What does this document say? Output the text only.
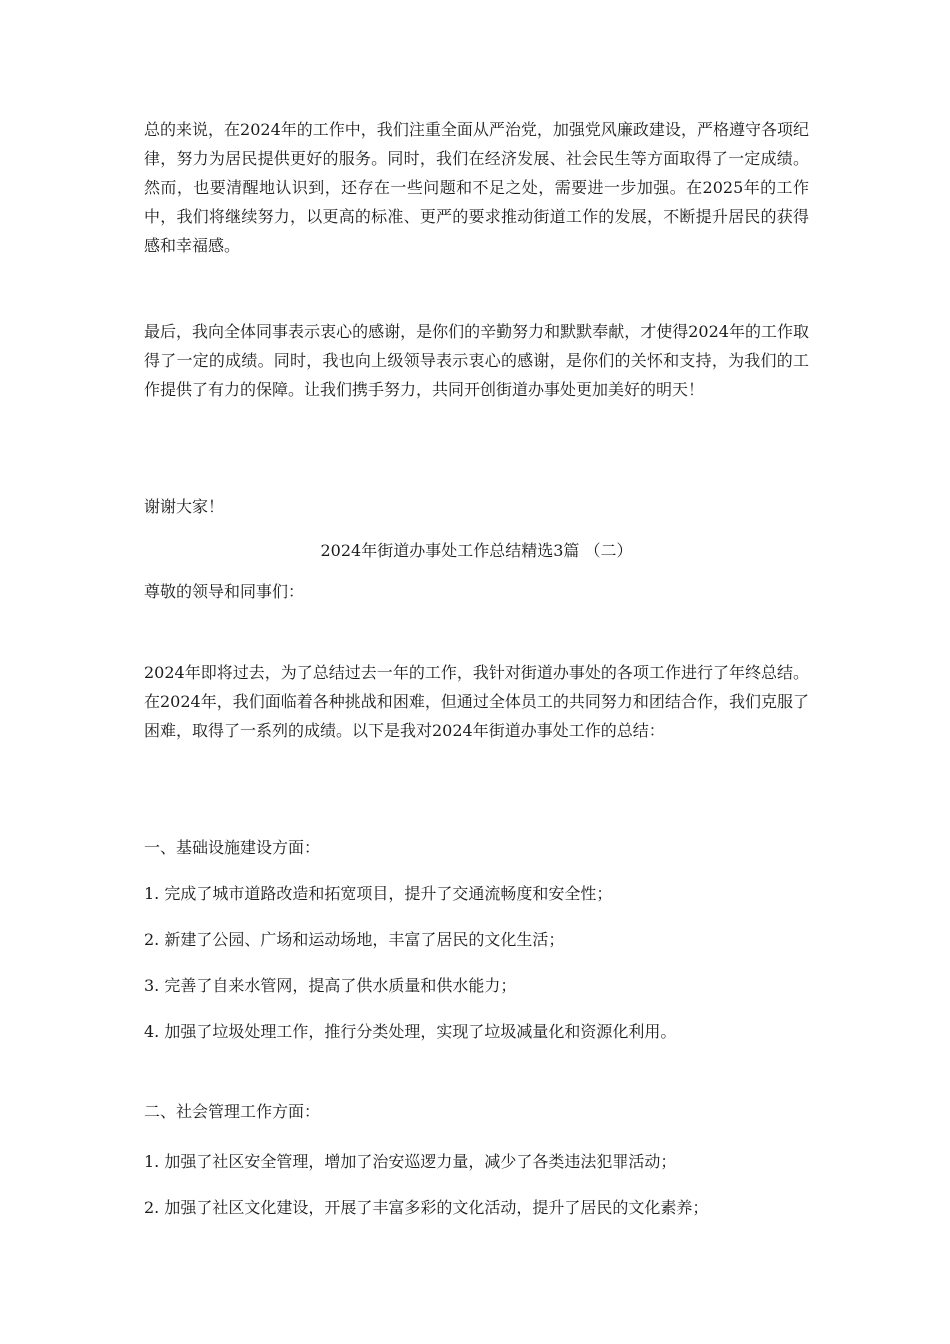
总的来说，在2024年的工作中，我们注重全面从严治党，加强党风廉政建设，严格遵守各项纪律，努力为居民提供更好的服务。同时，我们在经济发展、社会民生等方面取得了一定成绩。然而，也要清醒地认识到，还存在一些问题和不足之处，需要进一步加强。在2025年的工作中，我们将继续努力，以更高的标准、更严的要求推动街道工作的发展，不断提升居民的获得感和幸福感。

最后，我向全体同事表示衷心的感谢，是你们的辛勤努力和默默奉献，才使得2024年的工作取得了一定的成绩。同时，我也向上级领导表示衷心的感谢，是你们的关怀和支持，为我们的工作提供了有力的保障。让我们携手努力，共同开创街道办事处更加美好的明天！

谢谢大家！

2024年街道办事处工作总结精选3篇 （二）

尊敬的领导和同事们：

2024年即将过去，为了总结过去一年的工作，我针对街道办事处的各项工作进行了年终总结。在2024年，我们面临着各种挑战和困难，但通过全体员工的共同努力和团结合作，我们克服了困难，取得了一系列的成绩。以下是我对2024年街道办事处工作的总结：

一、基础设施建设方面：

1. 完成了城市道路改造和拓宽项目，提升了交通流畅度和安全性；

2. 新建了公园、广场和运动场地，丰富了居民的文化生活；

3. 完善了自来水管网，提高了供水质量和供水能力；

4. 加强了垃圾处理工作，推行分类处理，实现了垃圾减量化和资源化利用。

二、社会管理工作方面：

1. 加强了社区安全管理，增加了治安巡逻力量，减少了各类违法犯罪活动；

2. 加强了社区文化建设，开展了丰富多彩的文化活动，提升了居民的文化素养；
